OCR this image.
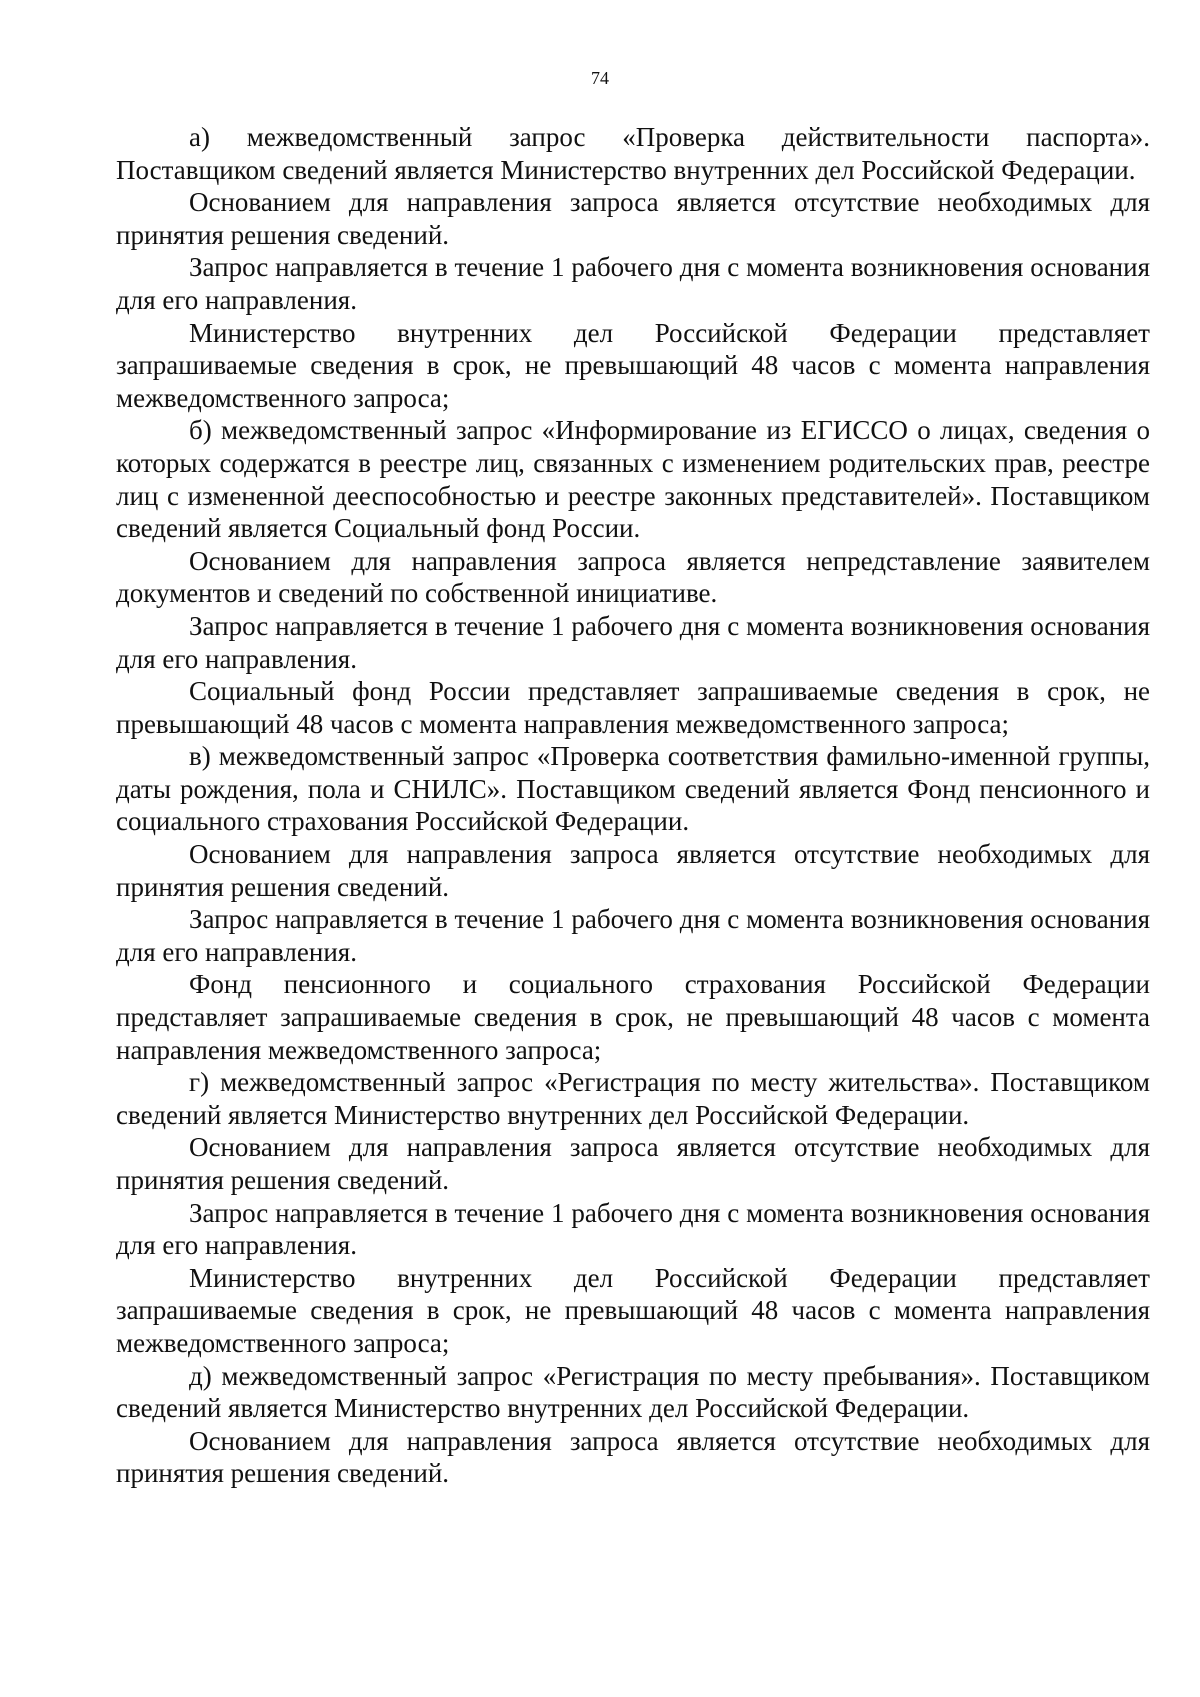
74

а) межведомственный запрос «Проверка действительности паспорта». Поставщиком сведений является Министерство внутренних дел Российской Федерации.

Основанием для направления запроса является отсутствие необходимых для принятия решения сведений.

Запрос направляется в течение 1 рабочего дня с момента возникновения основания для его направления.

Министерство внутренних дел Российской Федерации представляет запрашиваемые сведения в срок, не превышающий 48 часов с момента направления межведомственного запроса;

б) межведомственный запрос «Информирование из ЕГИССО о лицах, сведения о которых содержатся в реестре лиц, связанных с изменением родительских прав, реестре лиц с измененной дееспособностью и реестре законных представителей». Поставщиком сведений является Социальный фонд России.

Основанием для направления запроса является непредставление заявителем документов и сведений по собственной инициативе.

Запрос направляется в течение 1 рабочего дня с момента возникновения основания для его направления.

Социальный фонд России представляет запрашиваемые сведения в срок, не превышающий 48 часов с момента направления межведомственного запроса;

в) межведомственный запрос «Проверка соответствия фамильно-именной группы, даты рождения, пола и СНИЛС». Поставщиком сведений является Фонд пенсионного и социального страхования Российской Федерации.

Основанием для направления запроса является отсутствие необходимых для принятия решения сведений.

Запрос направляется в течение 1 рабочего дня с момента возникновения основания для его направления.

Фонд пенсионного и социального страхования Российской Федерации представляет запрашиваемые сведения в срок, не превышающий 48 часов с момента направления межведомственного запроса;

г) межведомственный запрос «Регистрация по месту жительства». Поставщиком сведений является Министерство внутренних дел Российской Федерации.

Основанием для направления запроса является отсутствие необходимых для принятия решения сведений.

Запрос направляется в течение 1 рабочего дня с момента возникновения основания для его направления.

Министерство внутренних дел Российской Федерации представляет запрашиваемые сведения в срок, не превышающий 48 часов с момента направления межведомственного запроса;

д) межведомственный запрос «Регистрация по месту пребывания». Поставщиком сведений является Министерство внутренних дел Российской Федерации.

Основанием для направления запроса является отсутствие необходимых для принятия решения сведений.
